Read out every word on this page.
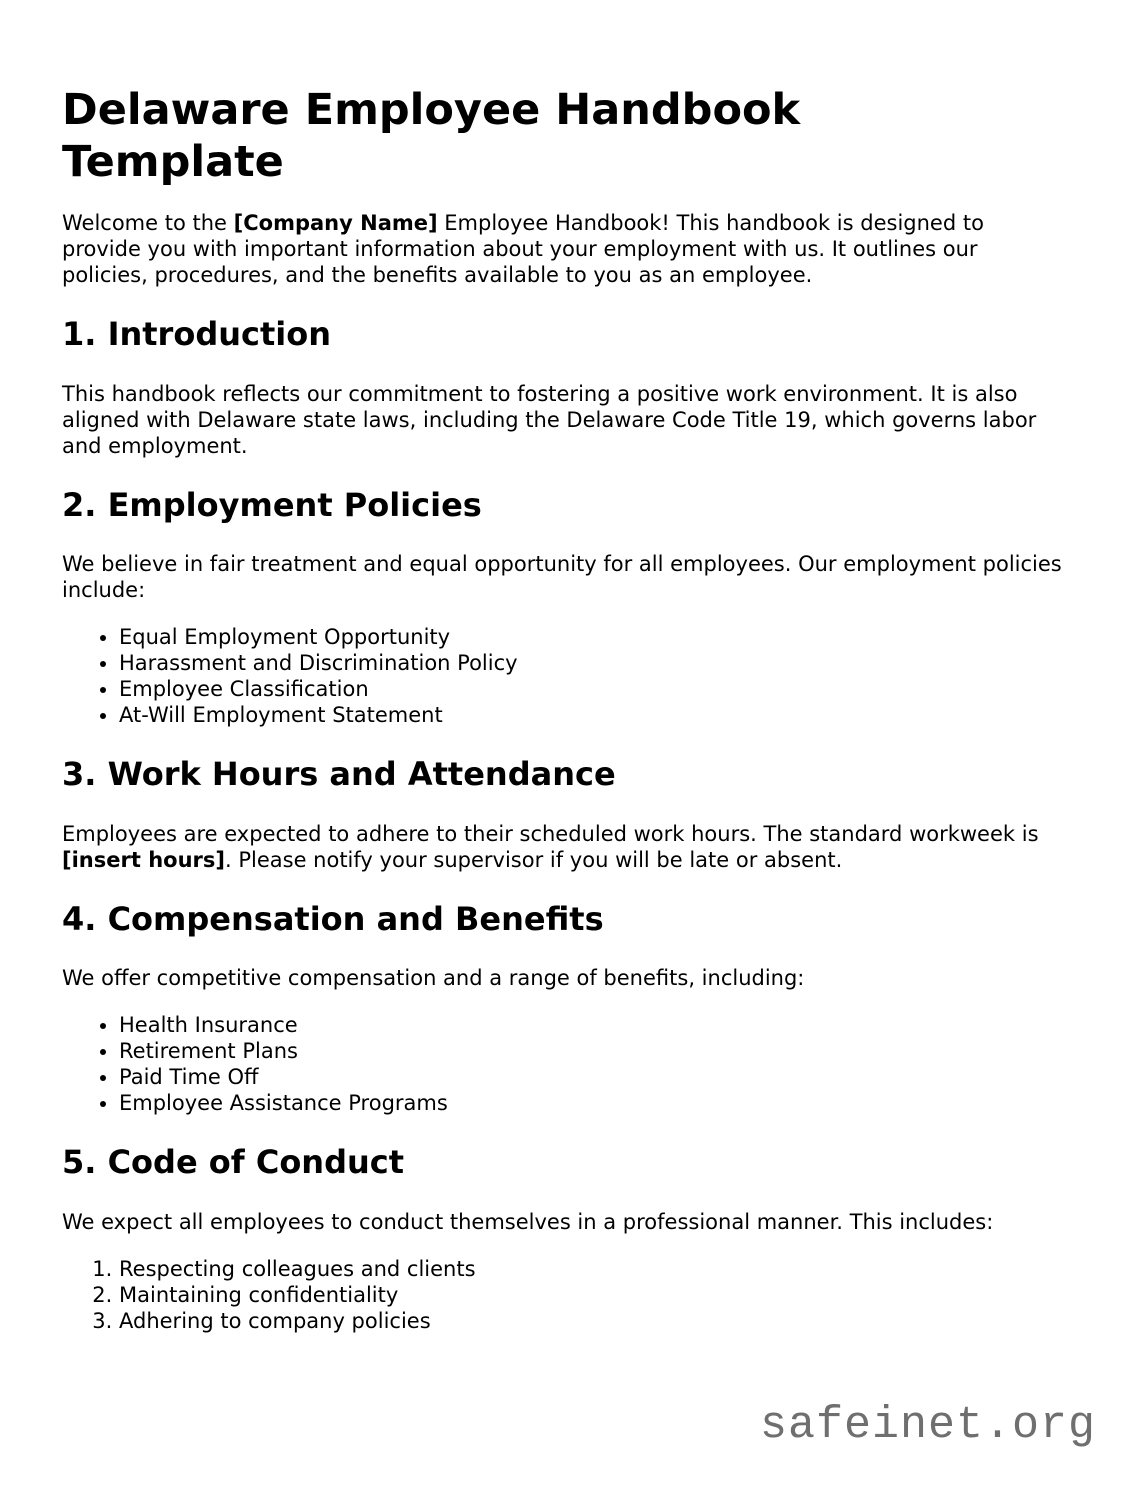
Delaware Employee Handbook Template

Welcome to the [Company Name] Employee Handbook! This handbook is designed to provide you with important information about your employment with us. It outlines our policies, procedures, and the benefits available to you as an employee.

1. Introduction

This handbook reflects our commitment to fostering a positive work environment. It is also aligned with Delaware state laws, including the Delaware Code Title 19, which governs labor and employment.

2. Employment Policies

We believe in fair treatment and equal opportunity for all employees. Our employment policies include:

• Equal Employment Opportunity
• Harassment and Discrimination Policy
• Employee Classification
• At-Will Employment Statement
3. Work Hours and Attendance

Employees are expected to adhere to their scheduled work hours. The standard workweek is [insert hours]. Please notify your supervisor if you will be late or absent.

4. Compensation and Benefits

We offer competitive compensation and a range of benefits, including:

• Health Insurance
• Retirement Plans
• Paid Time Off
• Employee Assistance Programs
5. Code of Conduct

We expect all employees to conduct themselves in a professional manner. This includes:

1. Respecting colleagues and clients
2. Maintaining confidentiality
3. Adhering to company policies
safeinet.org
